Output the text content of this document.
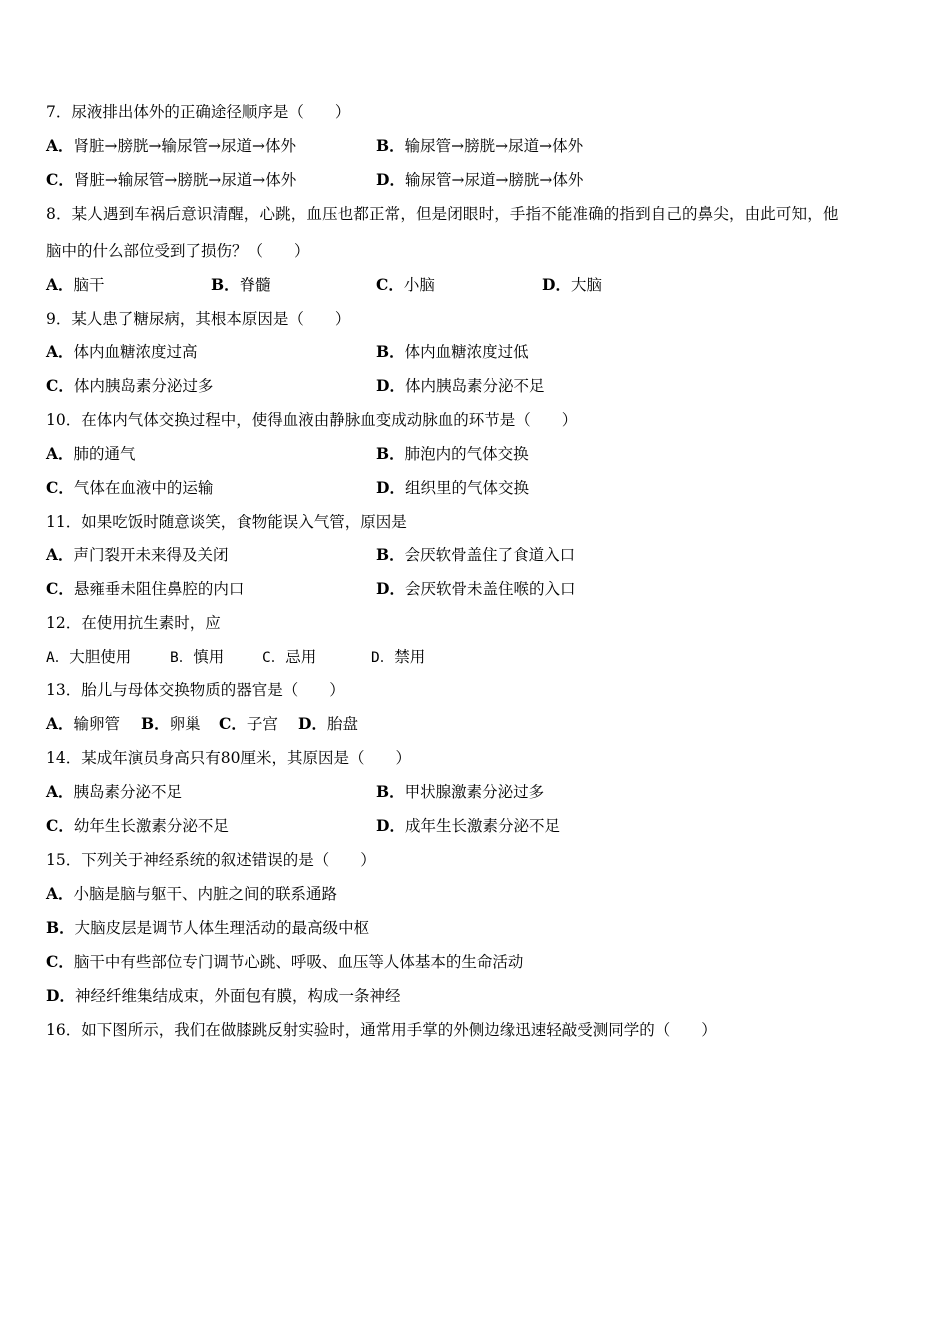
7．尿液排出体外的正确途径顺序是（　　）
A．肾脏→膀胱→输尿管→尿道→体外	B．输尿管→膀胱→尿道→体外
C．肾脏→输尿管→膀胱→尿道→体外	D．输尿管→尿道→膀胱→体外
8．某人遇到车祸后意识清醒，心跳，血压也都正常，但是闭眼时，手指不能准确的指到自己的鼻尖，由此可知，他
脑中的什么部位受到了损伤？（　　）
A．脑干	B．脊髓	C．小脑	D．大脑
9．某人患了糖尿病，其根本原因是（　　）
A．体内血糖浓度过高	B．体内血糖浓度过低
C．体内胰岛素分泌过多	D．体内胰岛素分泌不足
10．在体内气体交换过程中，使得血液由静脉血变成动脉血的环节是（　　）
A．肺的通气	B．肺泡内的气体交换
C．气体在血液中的运输	D．组织里的气体交换
11．如果吃饭时随意谈笑，食物能误入气管，原因是
A．声门裂开未来得及关闭	B．会厌软骨盖住了食道入口
C．悬雍垂未阻住鼻腔的内口	D．会厌软骨未盖住喉的入口
12．在使用抗生素时，应
A．大胆使用	B．慎用	C．忌用	D．禁用
13．胎儿与母体交换物质的器官是（　　）
A．输卵管 B．卵巢 C．子宫 D．胎盘
14．某成年演员身高只有80厘米，其原因是（　　）
A．胰岛素分泌不足	B．甲状腺激素分泌过多
C．幼年生长激素分泌不足	D．成年生长激素分泌不足
15．下列关于神经系统的叙述错误的是（　　）
A．小脑是脑与躯干、内脏之间的联系通路
B．大脑皮层是调节人体生理活动的最高级中枢
C．脑干中有些部位专门调节心跳、呼吸、血压等人体基本的生命活动
D．神经纤维集结成束，外面包有膜，构成一条神经
16．如下图所示，我们在做膝跳反射实验时，通常用手掌的外侧边缘迅速轻敲受测同学的（　　）
